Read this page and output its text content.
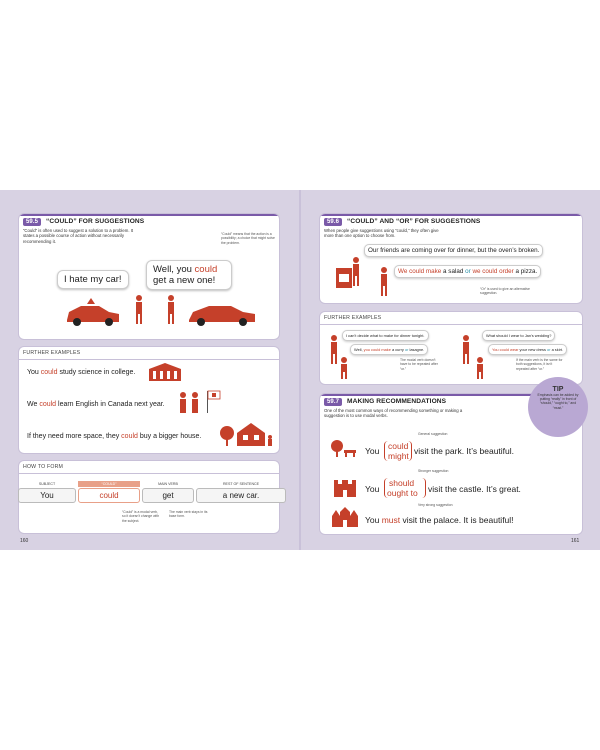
59.5 “COULD” FOR SUGGESTIONS
“Could” is often used to suggest a solution to a problem. It states a possible course of action without necessarily recommending it.
“Could” means that the action is a possibility; a choice that might solve the problem.
I hate my car!
Well, you could get a new one!
FURTHER EXAMPLES
You could study science in college.
We could learn English in Canada next year.
If they need more space, they could buy a bigger house.
HOW TO FORM
SUBJECT	“COULD”	MAIN VERB	REST OF SENTENCE
You	could	get	a new car.
“Could” is a modal verb, so it doesn’t change with the subject.
The main verb stays in its base form.
160
59.6 “COULD” AND “OR” FOR SUGGESTIONS
When people give suggestions using “could,” they often give more than one option to choose from.
Our friends are coming over for dinner, but the oven’s broken.
We could make a salad or we could order a pizza.
“Or” is used to give an alternative suggestion.
FURTHER EXAMPLES
I can’t decide what to make for dinner tonight.
Well, you could make a curry or lasagne.
The modal verb doesn’t have to be repeated after “or.”
What should I wear to Jan’s wedding?
You could wear your new dress or a skirt.
If the main verb is the same for both suggestions, it isn’t repeated after “or.”
59.7 MAKING RECOMMENDATIONS
One of the most common ways of recommending something or making a suggestion is to use modal verbs.
General suggestion
You could
might visit the park. It’s beautiful.
Stronger suggestion
You
should
ought to visit the castle. It’s great.
Very strong suggestion
You must visit the palace. It is beautiful!
TIP
Emphasis can be added by putting “really” in front of “should,” “ought to,” and “must.”
161
